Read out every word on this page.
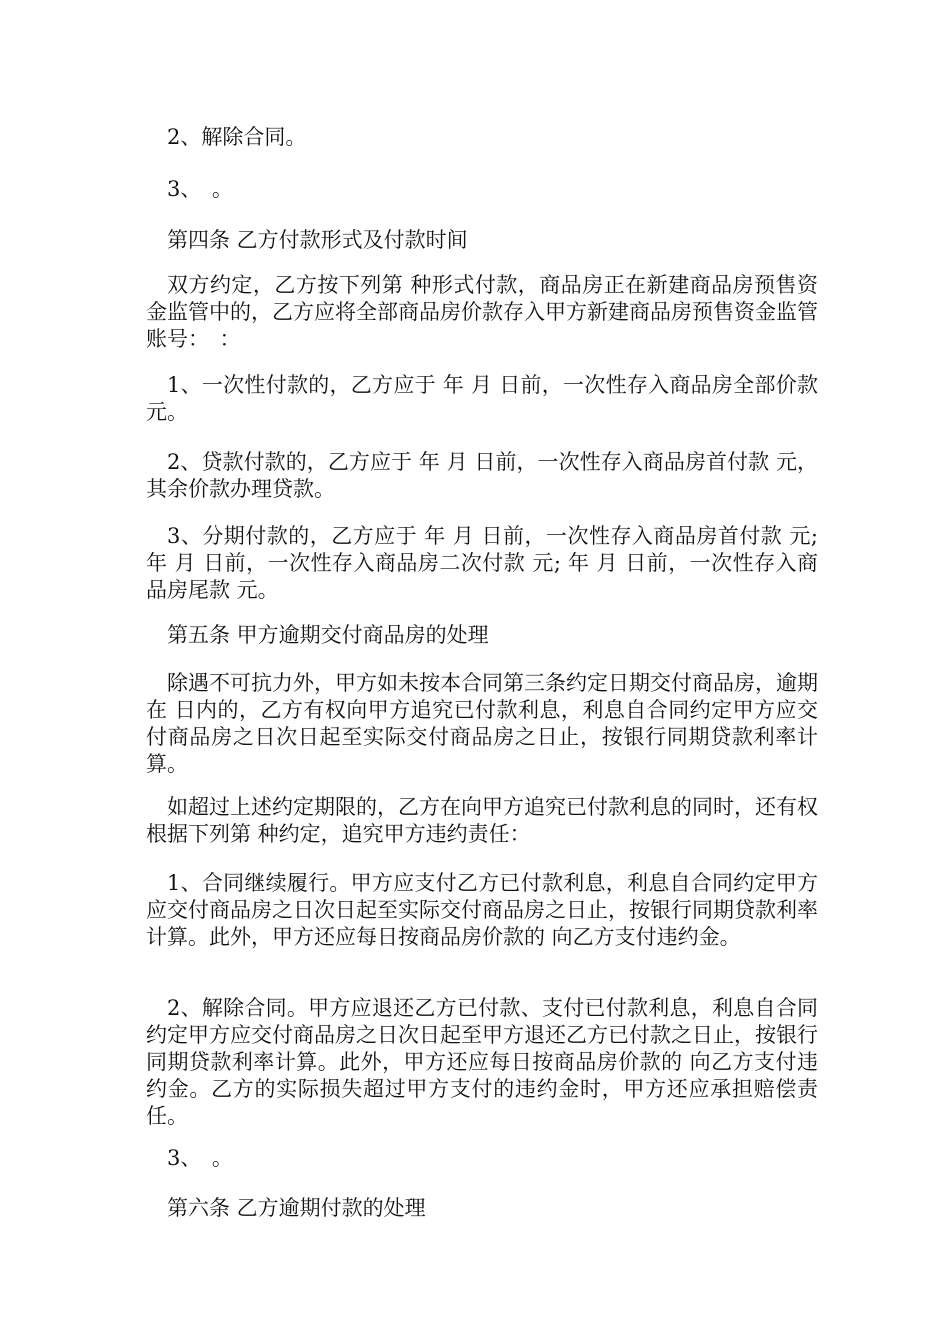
2、解除合同。

3、　。

第四条 乙方付款形式及付款时间

双方约定，乙方按下列第 种形式付款，商品房正在新建商品房预售资金监管中的，乙方应将全部商品房价款存入甲方新建商品房预售资金监管账号：　：

1、一次性付款的，乙方应于 年 月 日前，一次性存入商品房全部价款 元。

2、贷款付款的，乙方应于 年 月 日前，一次性存入商品房首付款 元，其余价款办理贷款。

3、分期付款的，乙方应于 年 月 日前，一次性存入商品房首付款 元; 年 月 日前，一次性存入商品房二次付款 元; 年 月 日前，一次性存入商品房尾款 元。

第五条 甲方逾期交付商品房的处理

除遇不可抗力外，甲方如未按本合同第三条约定日期交付商品房，逾期在 日内的，乙方有权向甲方追究已付款利息，利息自合同约定甲方应交付商品房之日次日起至实际交付商品房之日止，按银行同期贷款利率计算。

如超过上述约定期限的，乙方在向甲方追究已付款利息的同时，还有权根据下列第 种约定，追究甲方违约责任：

1、合同继续履行。甲方应支付乙方已付款利息，利息自合同约定甲方应交付商品房之日次日起至实际交付商品房之日止，按银行同期贷款利率计算。此外，甲方还应每日按商品房价款的 向乙方支付违约金。

2、解除合同。甲方应退还乙方已付款、支付已付款利息，利息自合同约定甲方应交付商品房之日次日起至甲方退还乙方已付款之日止，按银行同期贷款利率计算。此外，甲方还应每日按商品房价款的 向乙方支付违约金。乙方的实际损失超过甲方支付的违约金时，甲方还应承担赔偿责任。

3、　。

第六条 乙方逾期付款的处理
